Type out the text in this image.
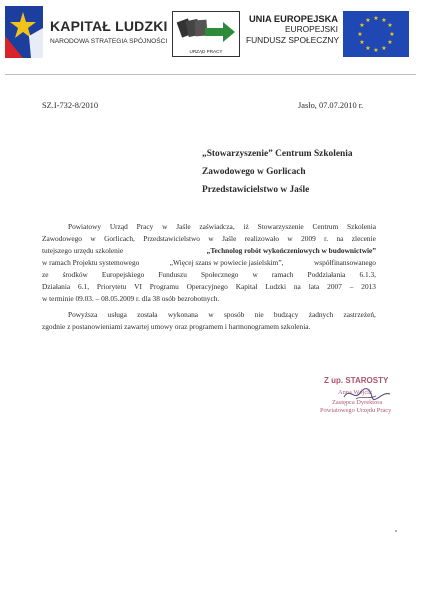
KAPITAŁ LUDZKI
NARODOWA STRATEGIA SPÓJNOŚCI
URZĄD PRACY
UNIA EUROPEJSKA
EUROPEJSKI
FUNDUSZ SPOŁECZNY
★ ★
★
★
★
★
★
★
★
★
★
★
SZ.I-732-8/2010	Jasło, 07.07.2010 r.
„Stowarzyszenie” Centrum Szkolenia
Zawodowego w Gorlicach
Przedstawicielstwo w Jaśle
Powiatowy Urząd Pracy w Jaśle zaświadcza, iż Stowarzyszenie Centrum Szkolenia
Zawodowego w Gorlicach, Przedstawicielstwo w Jaśle realizowało w 2009 r. na zlecenie
tutejszego urzędu szkolenie	„Technolog robót wykończeniowych w budownictwie”
w ramach Projektu systemowego	„Więcej szans w powiecie jasielskim”,	współfinansowanego
ze środków Europejskiego Funduszu Społecznego w ramach Poddziałania 6.1.3,
Działania 6.1, Priorytetu VI Programu Operacyjnego Kapitał Ludzki na lata 2007 – 2013
w terminie 09.03. – 08.05.2009 r. dla 38 osób bezrobotnych.
Powyższa usługa została wykonana w sposób nie budzący żadnych zastrzeżeń,
zgodnie z postanowieniami zawartej umowy oraz programem i harmonogramem szkolenia.
Z up. STAROSTY
Anna Wójcik
Zastępca Dyrektora
Powiatowego Urzędu Pracy
